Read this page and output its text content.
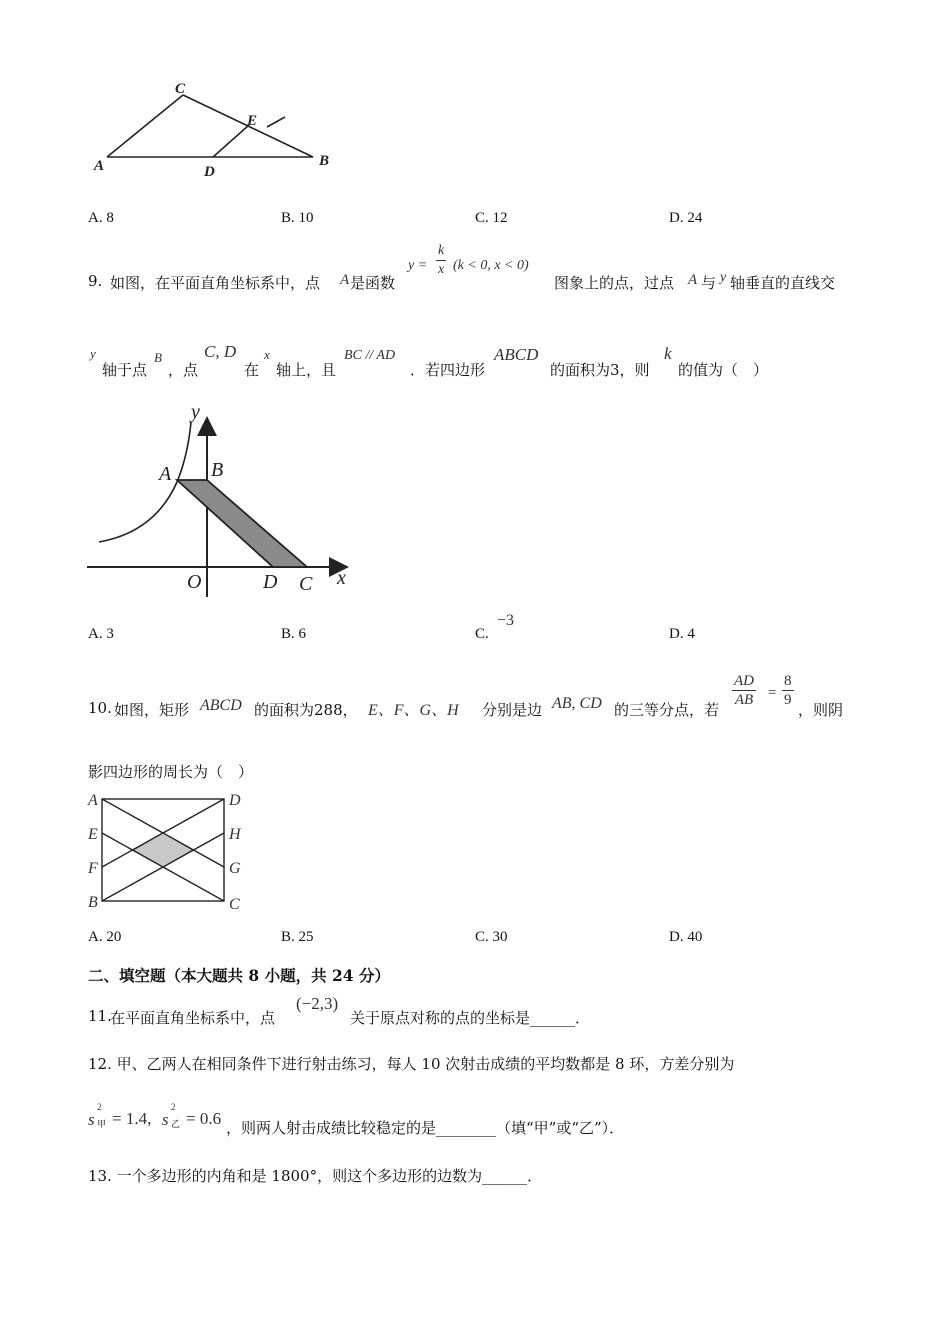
C
E
A	D
B
A. 8	B. 10	C. 12	D. 24
9. 如图，在平面直角坐标系中，点 A 是函数
$y = \frac{k}{x} (k < 0$, x < 0)
图象上的点，过点 A 与 y 轴垂直的直线交
y
轴于点
B
，点
C, D
在
x
轴上，且
BC // AD
．若四边形
ABCD
的面积为3，则
k
的值为（　）
y
A B
O	D C x
A. 3	B. 6	C.
−3
D. 4
10. 如图，矩形 ABCD 的面积为288， E、F、G、H 分别是边 AB, CD 的三等分点，若
$\frac{AD}{AB} = \frac{8}{9}$
，则阴
影四边形的周长为（　）
A	D
E	H
F	G
B	C
A. 20	B. 25	C. 30	D. 40
二、填空题（本大题共 8 小题，共 24 分）
11.
在平面直角坐标系中，点
(−2,3)
关于原点对称的点的坐标是______．
12. 甲、乙两人在相同条件下进行射击练习，每人 10 次射击成绩的平均数都是 8 环，方差分别为
s
2
甲 = 1.4, s
2
乙 = 0.6 ，则两人射击成绩比较稳定的是________（填“甲”或“乙”）．
13. 一个多边形的内角和是 1800°，则这个多边形的边数为______．
